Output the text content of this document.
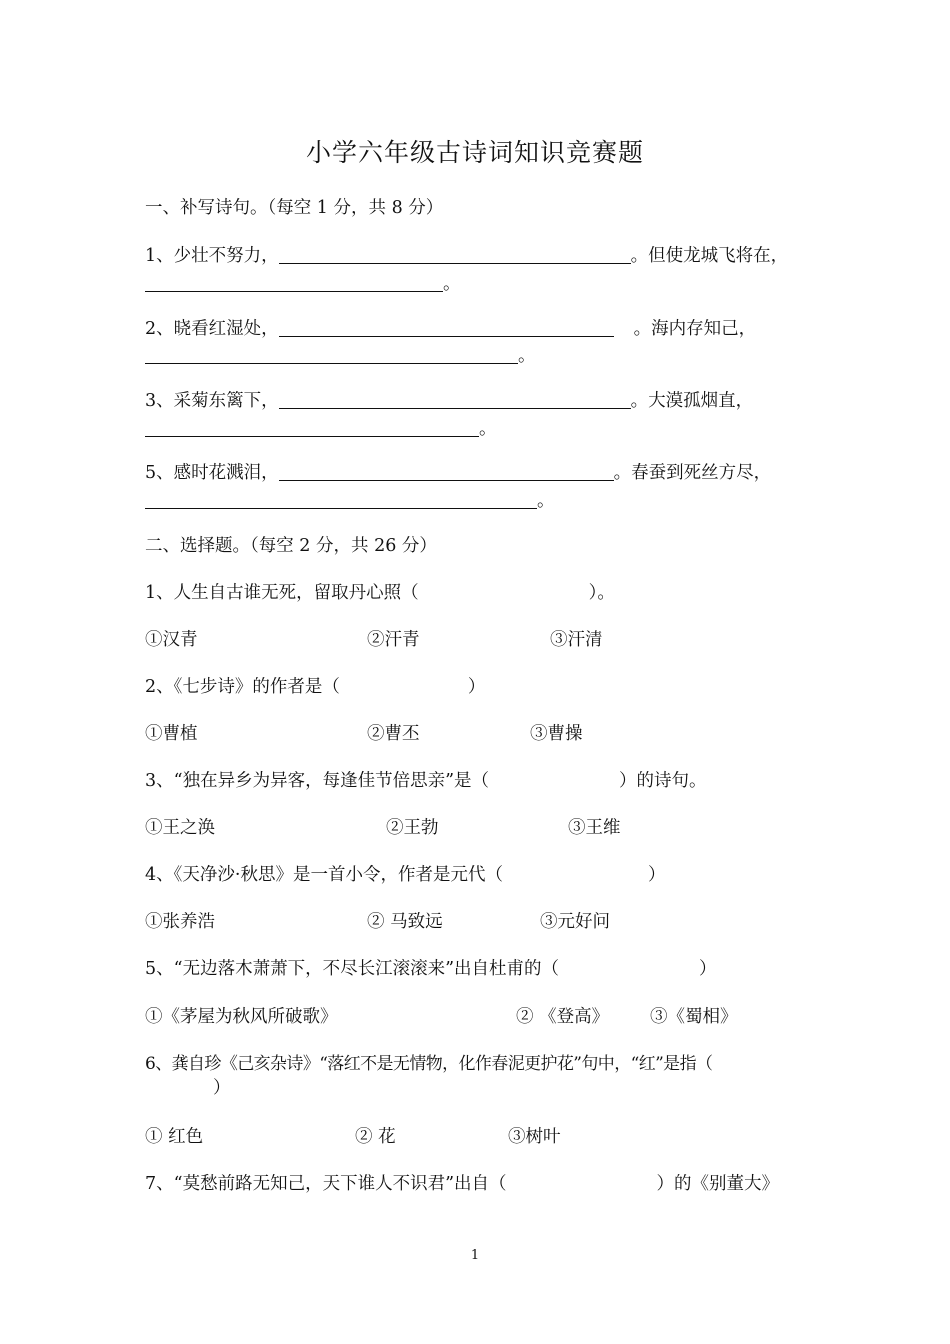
小学六年级古诗词知识竞赛题
一、补写诗句。（每空 1 分，共 8 分）
1、少壮不努力，	。但使龙城飞将在，
。
2、晓看红湿处，	。海内存知己，
。
3、采菊东篱下，	。大漠孤烟直，
。
5、感时花溅泪，	。春蚕到死丝方尽，
。
二、选择题。（每空 2 分，共 26 分）
1、人生自古谁无死，留取丹心照（	）。
①汉青	②汗青	③汗清
2、《七步诗》的作者是（	）
①曹植	②曹丕	③曹操
3、“独在异乡为异客，每逢佳节倍思亲”是（	）的诗句。
①王之涣	②王勃	③王维
4、《天净沙·秋思》是一首小令，作者是元代（	）
①张养浩	② 马致远	③元好问
5、“无边落木萧萧下，不尽长江滚滚来”出自杜甫的（	）
①《茅屋为秋风所破歌》	② 《登高》 ③《蜀相》
6、龚自珍《己亥杂诗》“落红不是无情物，化作春泥更护花”句中，“红”是指（
）
① 红色	② 花	③树叶
7、“莫愁前路无知己，天下谁人不识君”出自（	）的《别董大》
1
